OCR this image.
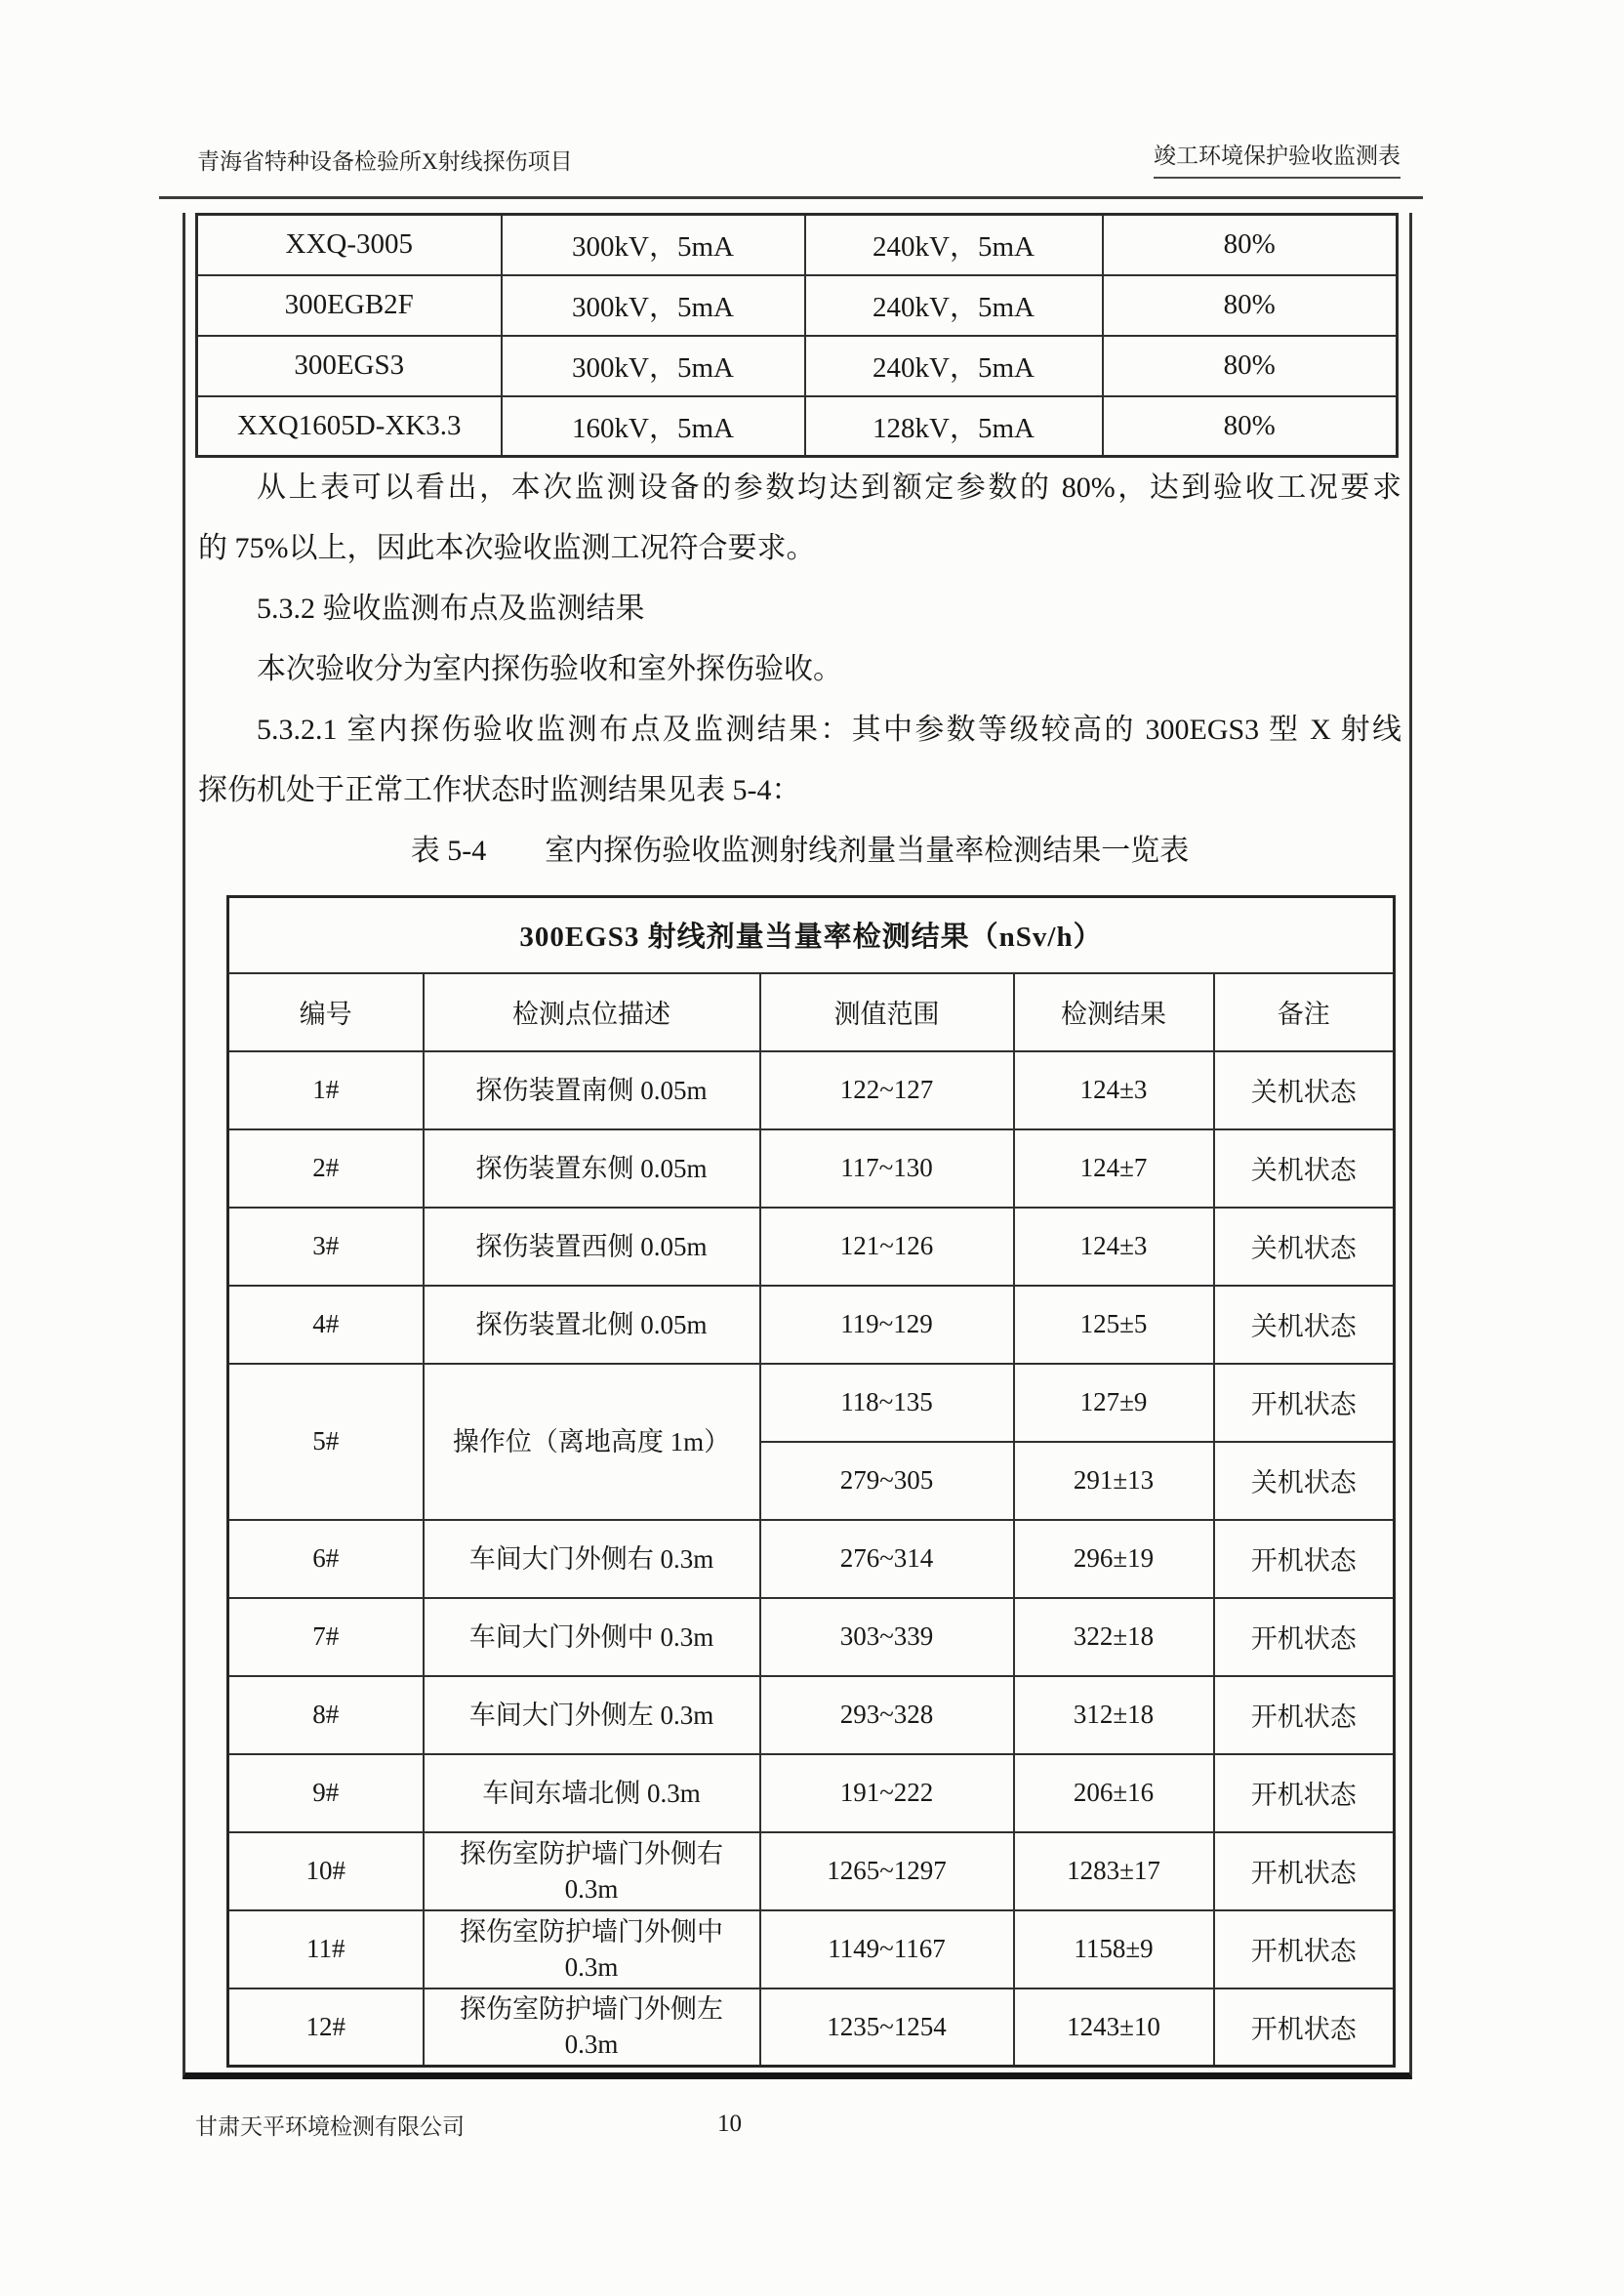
青海省特种设备检验所X射线探伤项目	竣工环境保护验收监测表
XXQ-3005	300kV，5mA	240kV，5mA	80%
300EGB2F	300kV，5mA	240kV，5mA	80%
300EGS3	300kV，5mA	240kV，5mA	80%
XXQ1605D-XK3.3	160kV，5mA	128kV，5mA	80%
从上表可以看出，本次监测设备的参数均达到额定参数的 80%，达到验收工况要求
的 75%以上，因此本次验收监测工况符合要求。
5.3.2 验收监测布点及监测结果
本次验收分为室内探伤验收和室外探伤验收。
5.3.2.1 室内探伤验收监测布点及监测结果：其中参数等级较高的 300EGS3 型 X 射线
探伤机处于正常工作状态时监测结果见表 5-4：
表 5-4　　室内探伤验收监测射线剂量当量率检测结果一览表
300EGS3 射线剂量当量率检测结果（nSv/h）				
编号	检测点位描述	测值范围	检测结果	备注
1#	探伤装置南侧 0.05m	122~127	124±3	关机状态
2#	探伤装置东侧 0.05m	117~130	124±7	关机状态
3#	探伤装置西侧 0.05m	121~126	124±3	关机状态
4#	探伤装置北侧 0.05m	119~129	125±5	关机状态
5#	操作位（离地高度 1m）	118~135	127±9	开机状态
		279~305	291±13	关机状态
6#	车间大门外侧右 0.3m	276~314	296±19	开机状态
7#	车间大门外侧中 0.3m	303~339	322±18	开机状态
8#	车间大门外侧左 0.3m	293~328	312±18	开机状态
9#	车间东墙北侧 0.3m	191~222	206±16	开机状态
10#	探伤室防护墙门外侧右 0.3m	1265~1297	1283±17	开机状态
11#	探伤室防护墙门外侧中 0.3m	1149~1167	1158±9	开机状态
12#	探伤室防护墙门外侧左 0.3m	1235~1254	1243±10	开机状态
甘肃天平环境检测有限公司	10
